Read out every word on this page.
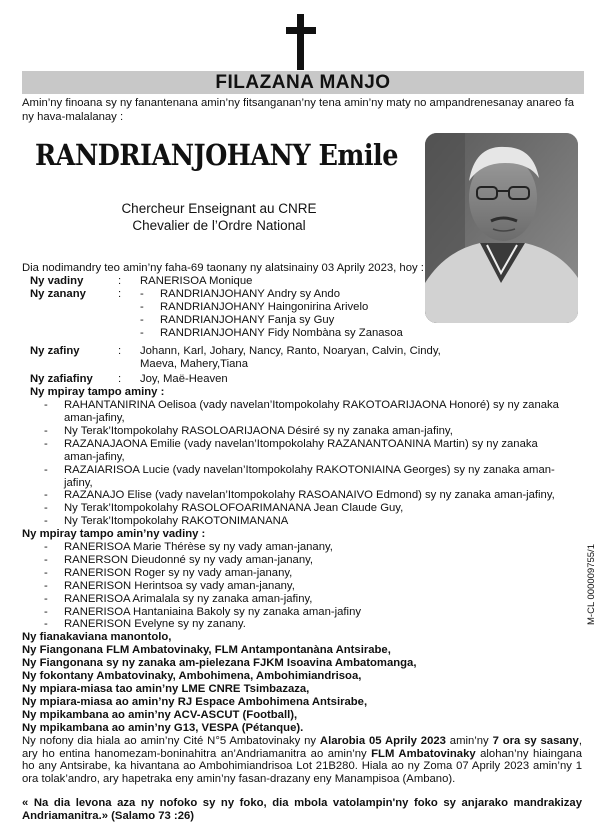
FILAZANA MANJO
Amin’ny finoana sy ny fanantenana amin’ny fitsanganan’ny tena amin’ny maty no ampandrenesanay anareo fa ny hava-malalanay :
RANDRIANJOHANY Emile
Chercheur Enseignant au CNRE
Chevalier de l’Ordre National

Dia nodimandry teo amin’ny faha-69 taonany ny alatsinainy 03 Aprily 2023, hoy :

Ny vadiny	: RANERISOA Monique
Ny zanany	: - RANDRIANJOHANY Andry sy Ando
- RANDRIANJOHANY Haingonirina Arivelo
- RANDRIANJOHANY Fanja sy Guy
- RANDRIANJOHANY Fidy Nombàna sy Zanasoa
Ny zafiny	: Johann, Karl, Johary, Nancy, Ranto, Noaryan, Calvin, Cindy, Maeva, Mahery,Tiana
Ny zafiafiny : Joy, Maë-Heaven

Ny mpiray tampo aminy :

- RAHANTANIRINA Oelisoa (vady navelan’Itompokolahy RAKOTOARIJAONA Honoré) sy ny zanaka aman-jafiny,
- Ny Terak’Itompokolahy RASOLOARIJAONA Désiré sy ny zanaka aman-jafiny,
- RAZANAJAONA Emilie (vady navelan’Itompokolahy RAZANANTOANINA Martin) sy ny zanaka aman-jafiny,
- RAZAIARISOA Lucie (vady navelan’Itompokolahy RAKOTONIAINA Georges) sy ny zanaka aman-jafiny,
- RAZANAJO Elise (vady navelan’Itompokolahy RASOANAIVO Edmond) sy ny zanaka aman-jafiny,
- Ny Terak’Itompokolahy RASOLOFOARIMANANA Jean Claude Guy,
- Ny Terak’Itompokolahy RAKOTONIMANANA

Ny mpiray tampo amin’ny vadiny :

- RANERISOA Marie Thérèse sy ny vady aman-janany,
- RANERSON Dieudonné sy ny vady aman-janany,
- RANERISON Roger sy ny vady aman-janany,
- RANERISON Herintsoa sy vady aman-janany,
- RANERISOA Arimalala sy ny zanaka aman-jafiny,
- RANERISOA Hantaniaina Bakoly sy ny zanaka aman-jafiny
- RANERISON Evelyne sy ny zanany.

Ny fianakaviana manontolo,

Ny Fiangonana FLM Ambatovinaky, FLM Antampontanàna Antsirabe,

Ny Fiangonana sy ny zanaka am-pielezana FJKM Isoavina Ambatomanga,

Ny fokontany Ambatovinaky, Ambohimena, Ambohimiandrisoa,

Ny mpiara-miasa tao amin’ny LME CNRE Tsimbazaza,

Ny mpiara-miasa ao amin’ny RJ Espace Ambohimena Antsirabe,

Ny mpikambana ao amin’ny ACV-ASCUT (Football),

Ny mpikambana ao amin’ny G13, VESPA (Pétanque).

Ny nofony dia hiala ao amin’ny Cité N°5 Ambatovinaky ny Alarobia 05 Aprily 2023 amin’ny 7 ora sy sasany, ary ho entina hanomezam-boninahitra an’Andriamanitra ao amin’ny FLM Ambatovinaky alohan’ny hiaingana ho any Antsirabe, ka hivantana ao Ambohimiandrisoa Lot 21B280. Hiala ao ny Zoma 07 Aprily 2023 amin’ny 1 ora tolak’andro, ary hapetraka eny amin’ny fasan-drazany eny Manampisoa (Ambano).

« Na dia levona aza ny nofoko sy ny foko, dia mbola vatolampin'ny foko sy anjarako mandrakizay Andriamanitra.» (Salamo 73 :26)

M-CL 000009755/1
